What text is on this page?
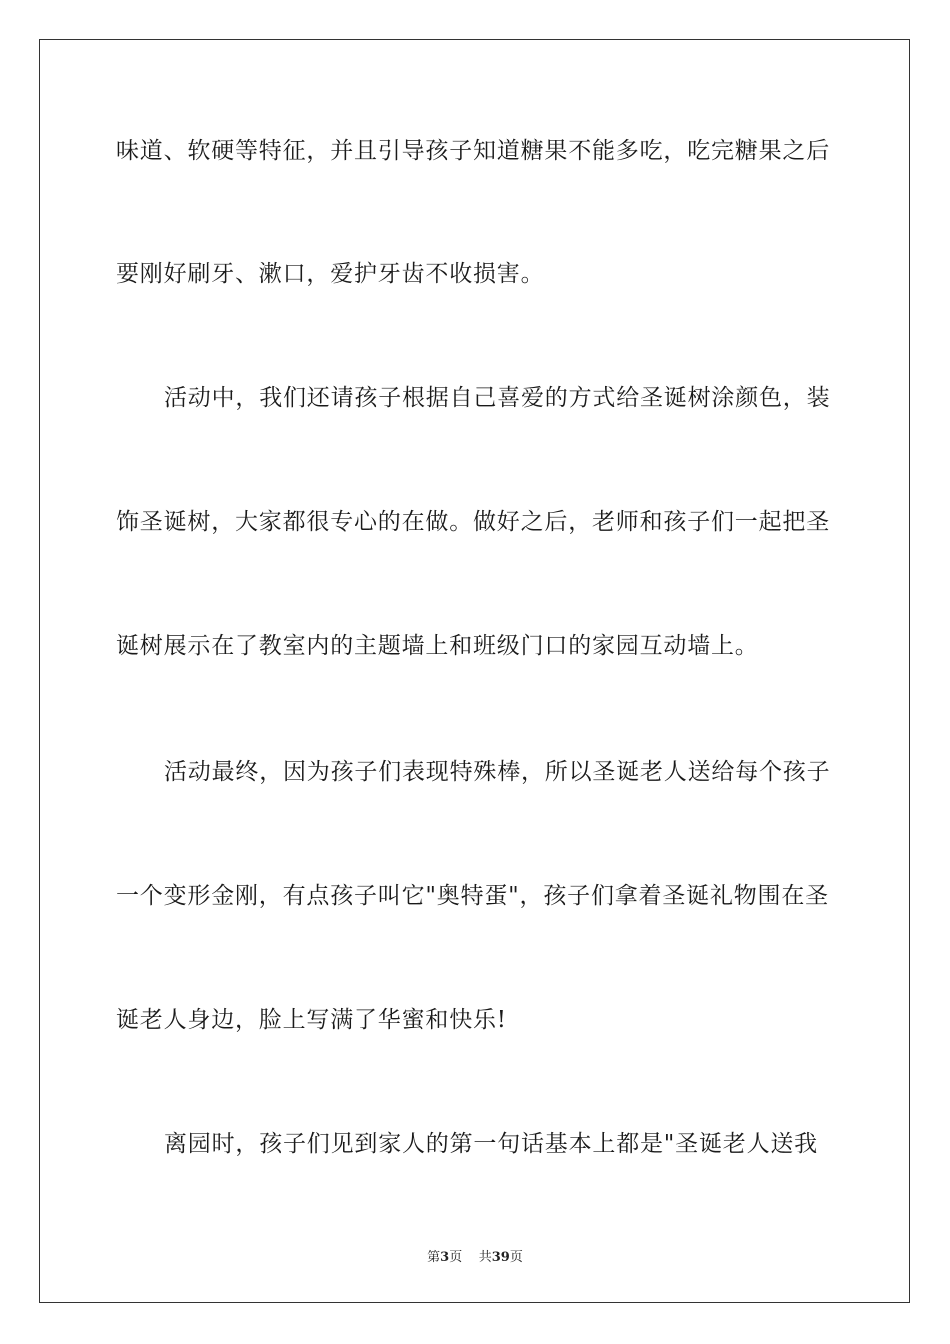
味道、软硬等特征，并且引导孩子知道糖果不能多吃，吃完糖果之后
要刚好刷牙、漱口，爱护牙齿不收损害。
活动中，我们还请孩子根据自己喜爱的方式给圣诞树涂颜色，装
饰圣诞树，大家都很专心的在做。做好之后，老师和孩子们一起把圣
诞树展示在了教室内的主题墙上和班级门口的家园互动墙上。
活动最终，因为孩子们表现特殊棒，所以圣诞老人送给每个孩子
一个变形金刚，有点孩子叫它"奥特蛋"，孩子们拿着圣诞礼物围在圣
诞老人身边，脸上写满了华蜜和快乐!
离园时，孩子们见到家人的第一句话基本上都是"圣诞老人送我
第3页 共39页
